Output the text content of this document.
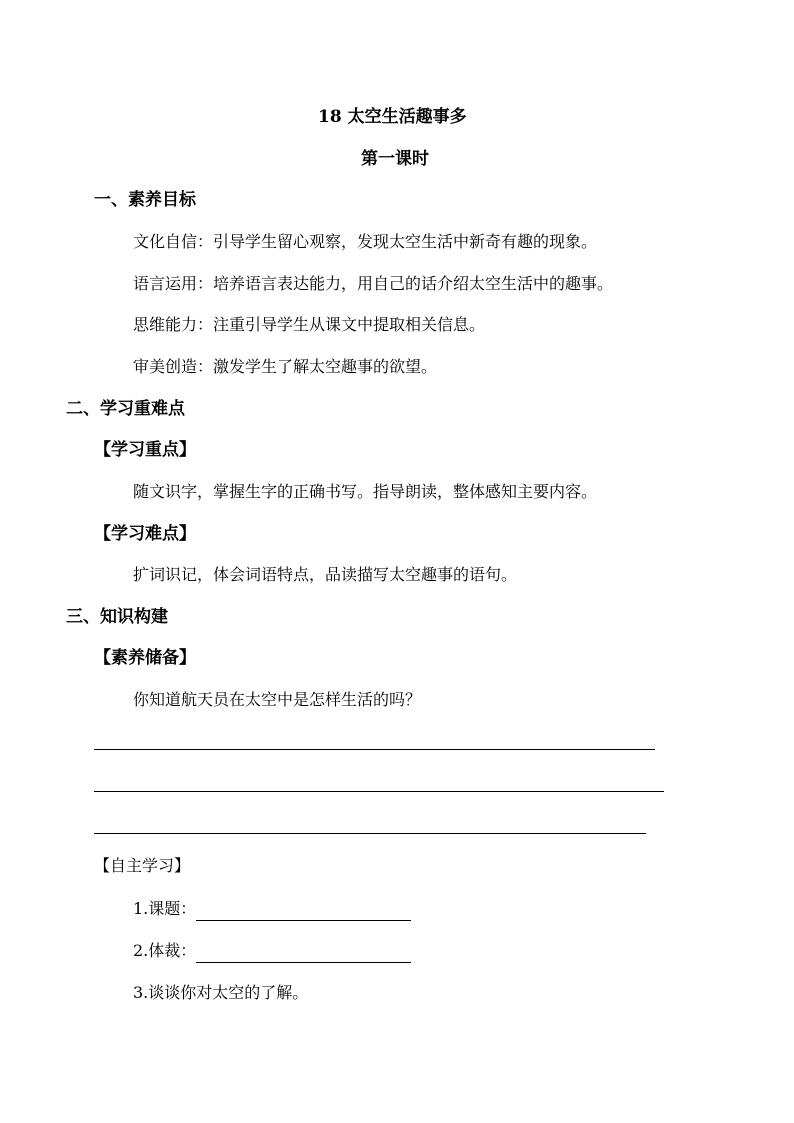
18 太空生活趣事多
第一课时
一、素养目标
文化自信：引导学生留心观察，发现太空生活中新奇有趣的现象。
语言运用：培养语言表达能力，用自己的话介绍太空生活中的趣事。
思维能力：注重引导学生从课文中提取相关信息。
审美创造：激发学生了解太空趣事的欲望。
二、学习重难点
【学习重点】
随文识字，掌握生字的正确书写。指导朗读，整体感知主要内容。
【学习难点】
扩词识记，体会词语特点，品读描写太空趣事的语句。
三、知识构建
【素养储备】
你知道航天员在太空中是怎样生活的吗？
【自主学习】
1.课题：
2.体裁：
3.谈谈你对太空的了解。
